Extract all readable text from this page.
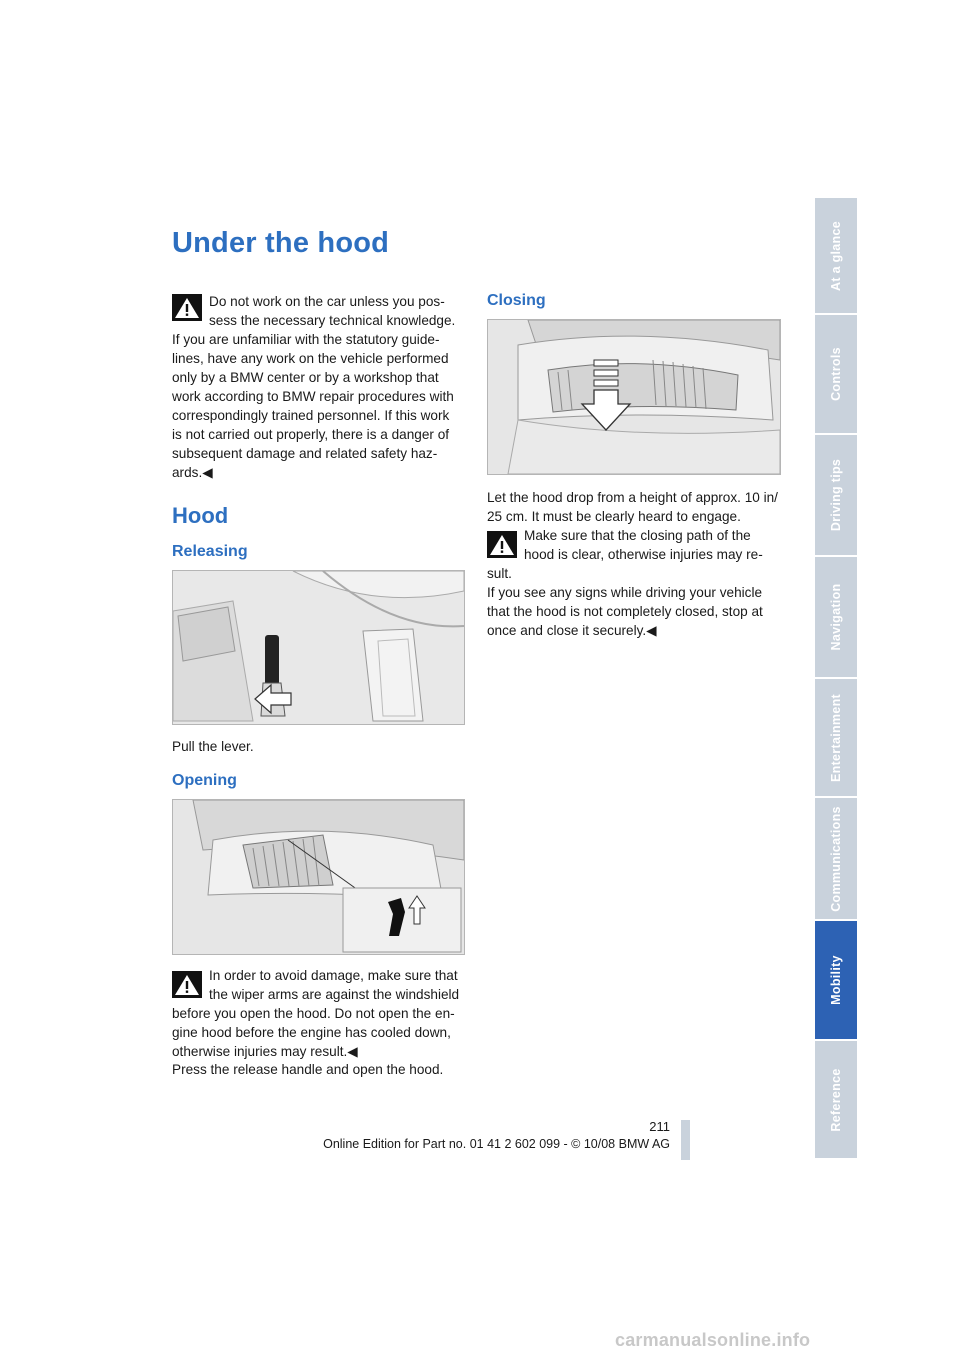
Under the hood

Do not work on the car unless you pos-

sess the necessary technical knowledge.

If you are unfamiliar with the statutory guide-

lines, have any work on the vehicle performed

only by a BMW center or by a workshop that

work according to BMW repair procedures with

correspondingly trained personnel. If this work

is not carried out properly, there is a danger of

subsequent damage and related safety haz-

ards.◀

Hood
Releasing

Pull the lever.

Opening

In order to avoid damage, make sure that

the wiper arms are against the windshield

before you open the hood. Do not open the en-

gine hood before the engine has cooled down,

otherwise injuries may result.◀

Press the release handle and open the hood.

Closing

Let the hood drop from a height of approx. 10 in/

25 cm. It must be clearly heard to engage.

Make sure that the closing path of the

hood is clear, otherwise injuries may re-

sult.

If you see any signs while driving your vehicle

that the hood is not completely closed, stop at

once and close it securely.◀

At a glance
Controls
Driving tips
Navigation
Entertainment
Communications
Mobility
Reference
211
Online Edition for Part no. 01 41 2 602 099 - © 10/08 BMW AG
carmanualsonline.info
